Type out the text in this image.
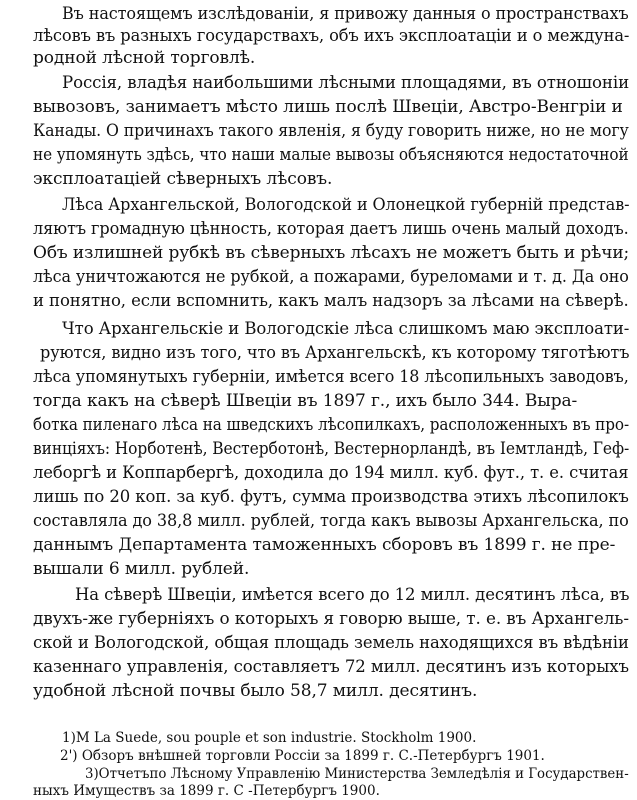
Въ настоящемъ изслѣдованіи, я привожу данныя о пространствахъ
лѣсовъ въ разныхъ государствахъ, объ ихъ эксплоатаціи и о междуна-
родной лѣсной торговлѣ.
Россія, владѣя наибольшими лѣсными площадями, въ отношоніи
вывозовъ, занимаетъ мѣсто лишь послѣ Швеціи, Австро-Венгріи и
Канады. О причинахъ такого явленія, я буду говорить ниже, но не могу
не упомянуть здѣсь, что наши малые вывозы объясняются недостаточной
эксплоатаціей сѣверныхъ лѣсовъ.
Лѣса Архангельской, Вологодской и Олонецкой губерній представ-
ляютъ громадную цѣнность, которая даетъ лишь очень малый доходъ.
Объ излишней рубкѣ въ сѣверныхъ лѣсахъ не можетъ быть и рѣчи;
лѣса уничтожаются не рубкой, а пожарами, буреломами и т. д. Да оно
и понятно, если вспомнить, какъ малъ надзоръ за лѣсами на сѣверѣ.
Что Архангельскіе и Вологодскіе лѣса слишкомъ маю эксплоати-
руются, видно изъ того, что въ Архангельскѣ, къ которому тяготѣютъ
лѣса упомянутыхъ губерніи, имѣется всего 18 лѣсопильныхъ заводовъ,
тогда какъ на сѣверѣ Швеціи въ 1897 г., ихъ было 344. Выра-
ботка пиленаго лѣса на шведскихъ лѣсопилкахъ, расположенныхъ въ про-
винціяхъ: Норботенѣ, Вестерботонѣ, Вестернорландѣ, въ Іемтландѣ, Геф-
леборгѣ и Коппарбергѣ, доходила до 194 милл. куб. фут., т. е. считая
лишь по 20 коп. за куб. футъ, сумма производства этихъ лѣсопилокъ
составляла до 38,8 милл. рублей, тогда какъ вывозы Архангельска, по
даннымъ Департамента таможенныхъ сборовъ въ 1899 г. не пре-
вышали 6 милл. рублей.
На сѣверѣ Швеціи, имѣется всего до 12 милл. десятинъ лѣса, въ
двухъ-же губерніяхъ о которыхъ я говорю выше, т. е. въ Архангель-
ской и Вологодской, общая площадь земель находящихся въ вѣдѣніи
казеннаго управленія, составляетъ 72 милл. десятинъ изъ которыхъ
удобной лѣсной почвы было 58,7 милл. десятинъ.
1)M La Suede, sou pouple et son industrie. Stockholm 1900.
2') Обзоръ внѣшней торговли Россіи за 1899 г. С.-Петербургъ 1901.
3)Отчетъпо Лѣсному Управленію Министерства Земледѣлія и Государствен-
ныхъ Имуществъ за 1899 г. С -Петербургъ 1900.
